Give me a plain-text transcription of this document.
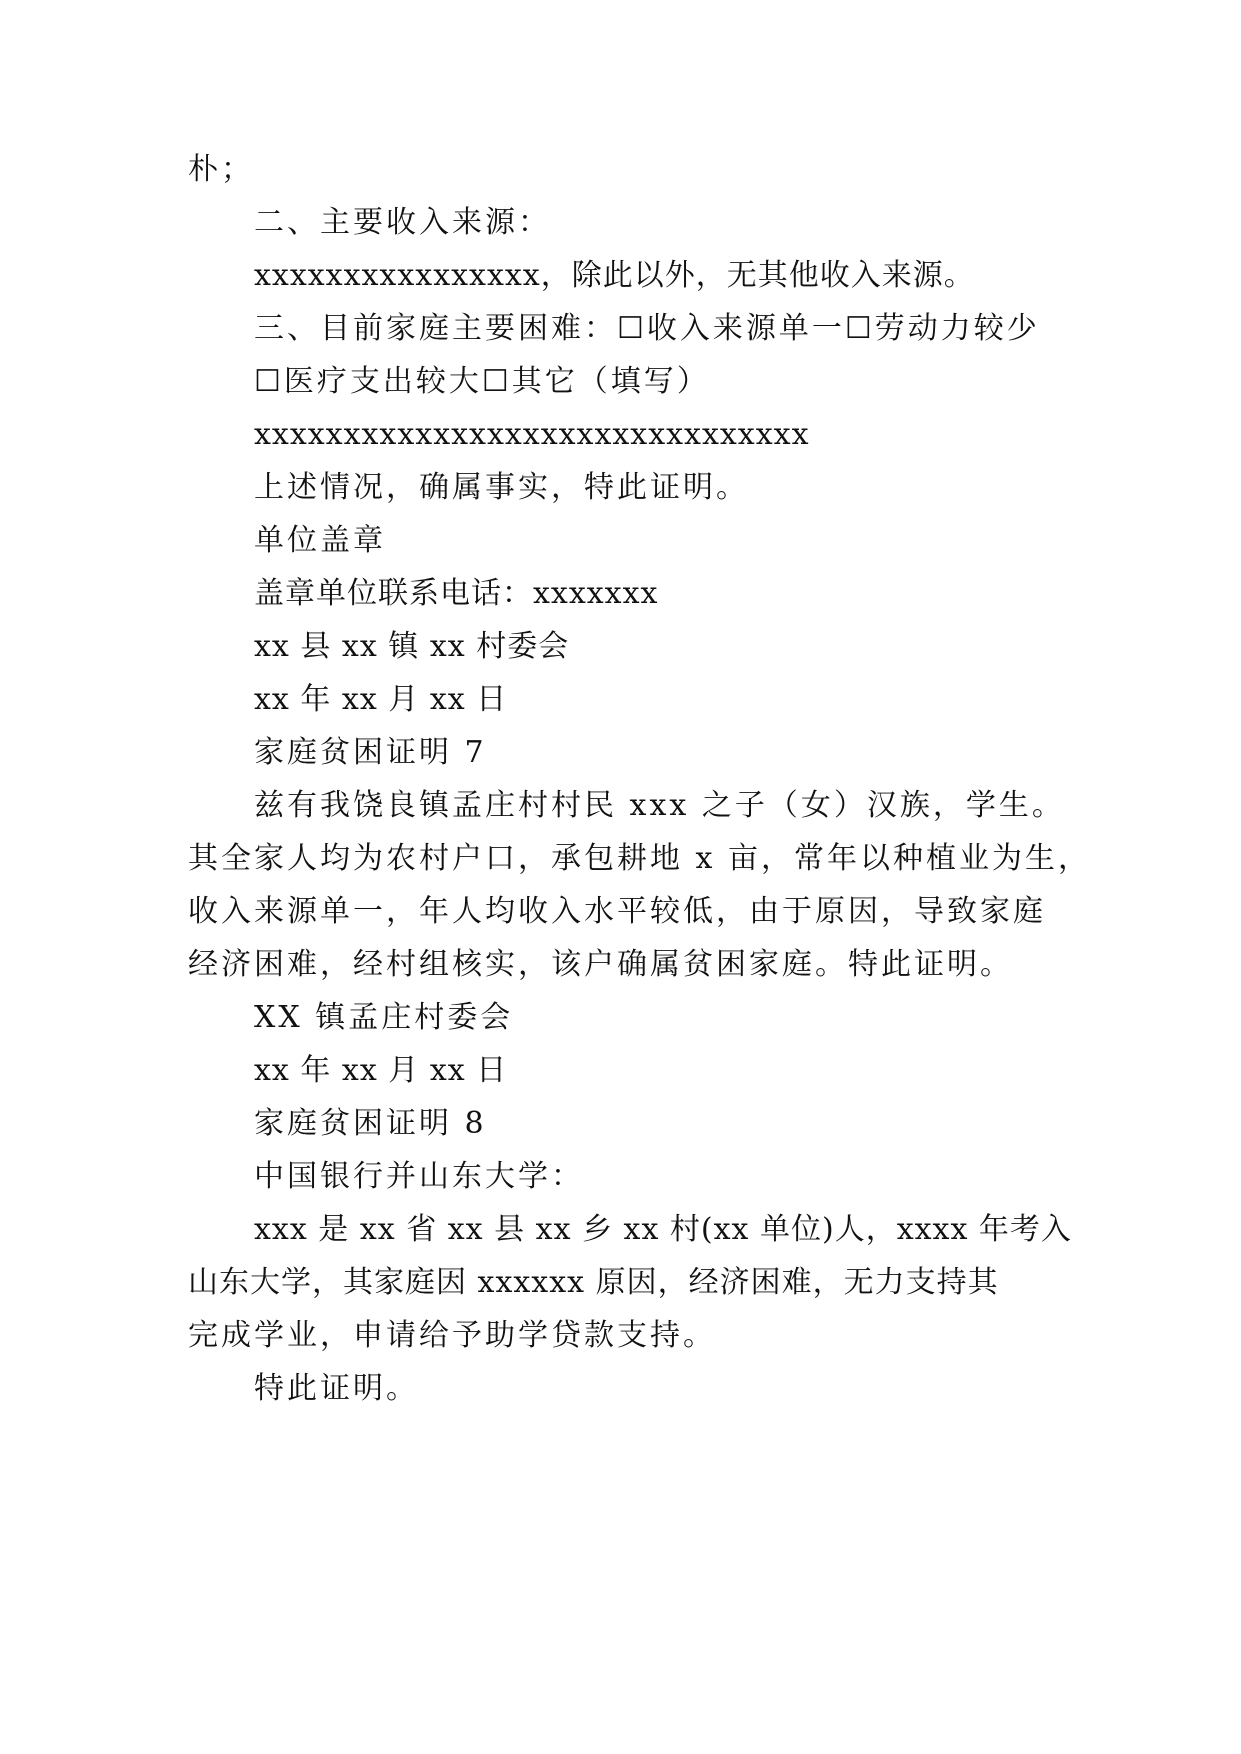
朴；
二、主要收入来源：
xxxxxxxxxxxxxxxx，除此以外，无其他收入来源。
三、目前家庭主要困难：☐收入来源单一☐劳动力较少
☐医疗支出较大☐其它（填写）
xxxxxxxxxxxxxxxxxxxxxxxxxxxxxxx
上述情况，确属事实，特此证明。
单位盖章
盖章单位联系电话：xxxxxxx
xx 县 xx 镇 xx 村委会
xx 年 xx 月 xx 日
家庭贫困证明 7
兹有我饶良镇孟庄村村民 xxx 之子（女）汉族，学生。
其全家人均为农村户口，承包耕地 x 亩，常年以种植业为生，
收入来源单一，年人均收入水平较低，由于原因，导致家庭
经济困难，经村组核实，该户确属贫困家庭。特此证明。
XX 镇孟庄村委会
xx 年 xx 月 xx 日
家庭贫困证明 8
中国银行并山东大学：
xxx 是 xx 省 xx 县 xx 乡 xx 村(xx 单位)人，xxxx 年考入
山东大学，其家庭因 xxxxxx 原因，经济困难，无力支持其
完成学业，申请给予助学贷款支持。
特此证明。
